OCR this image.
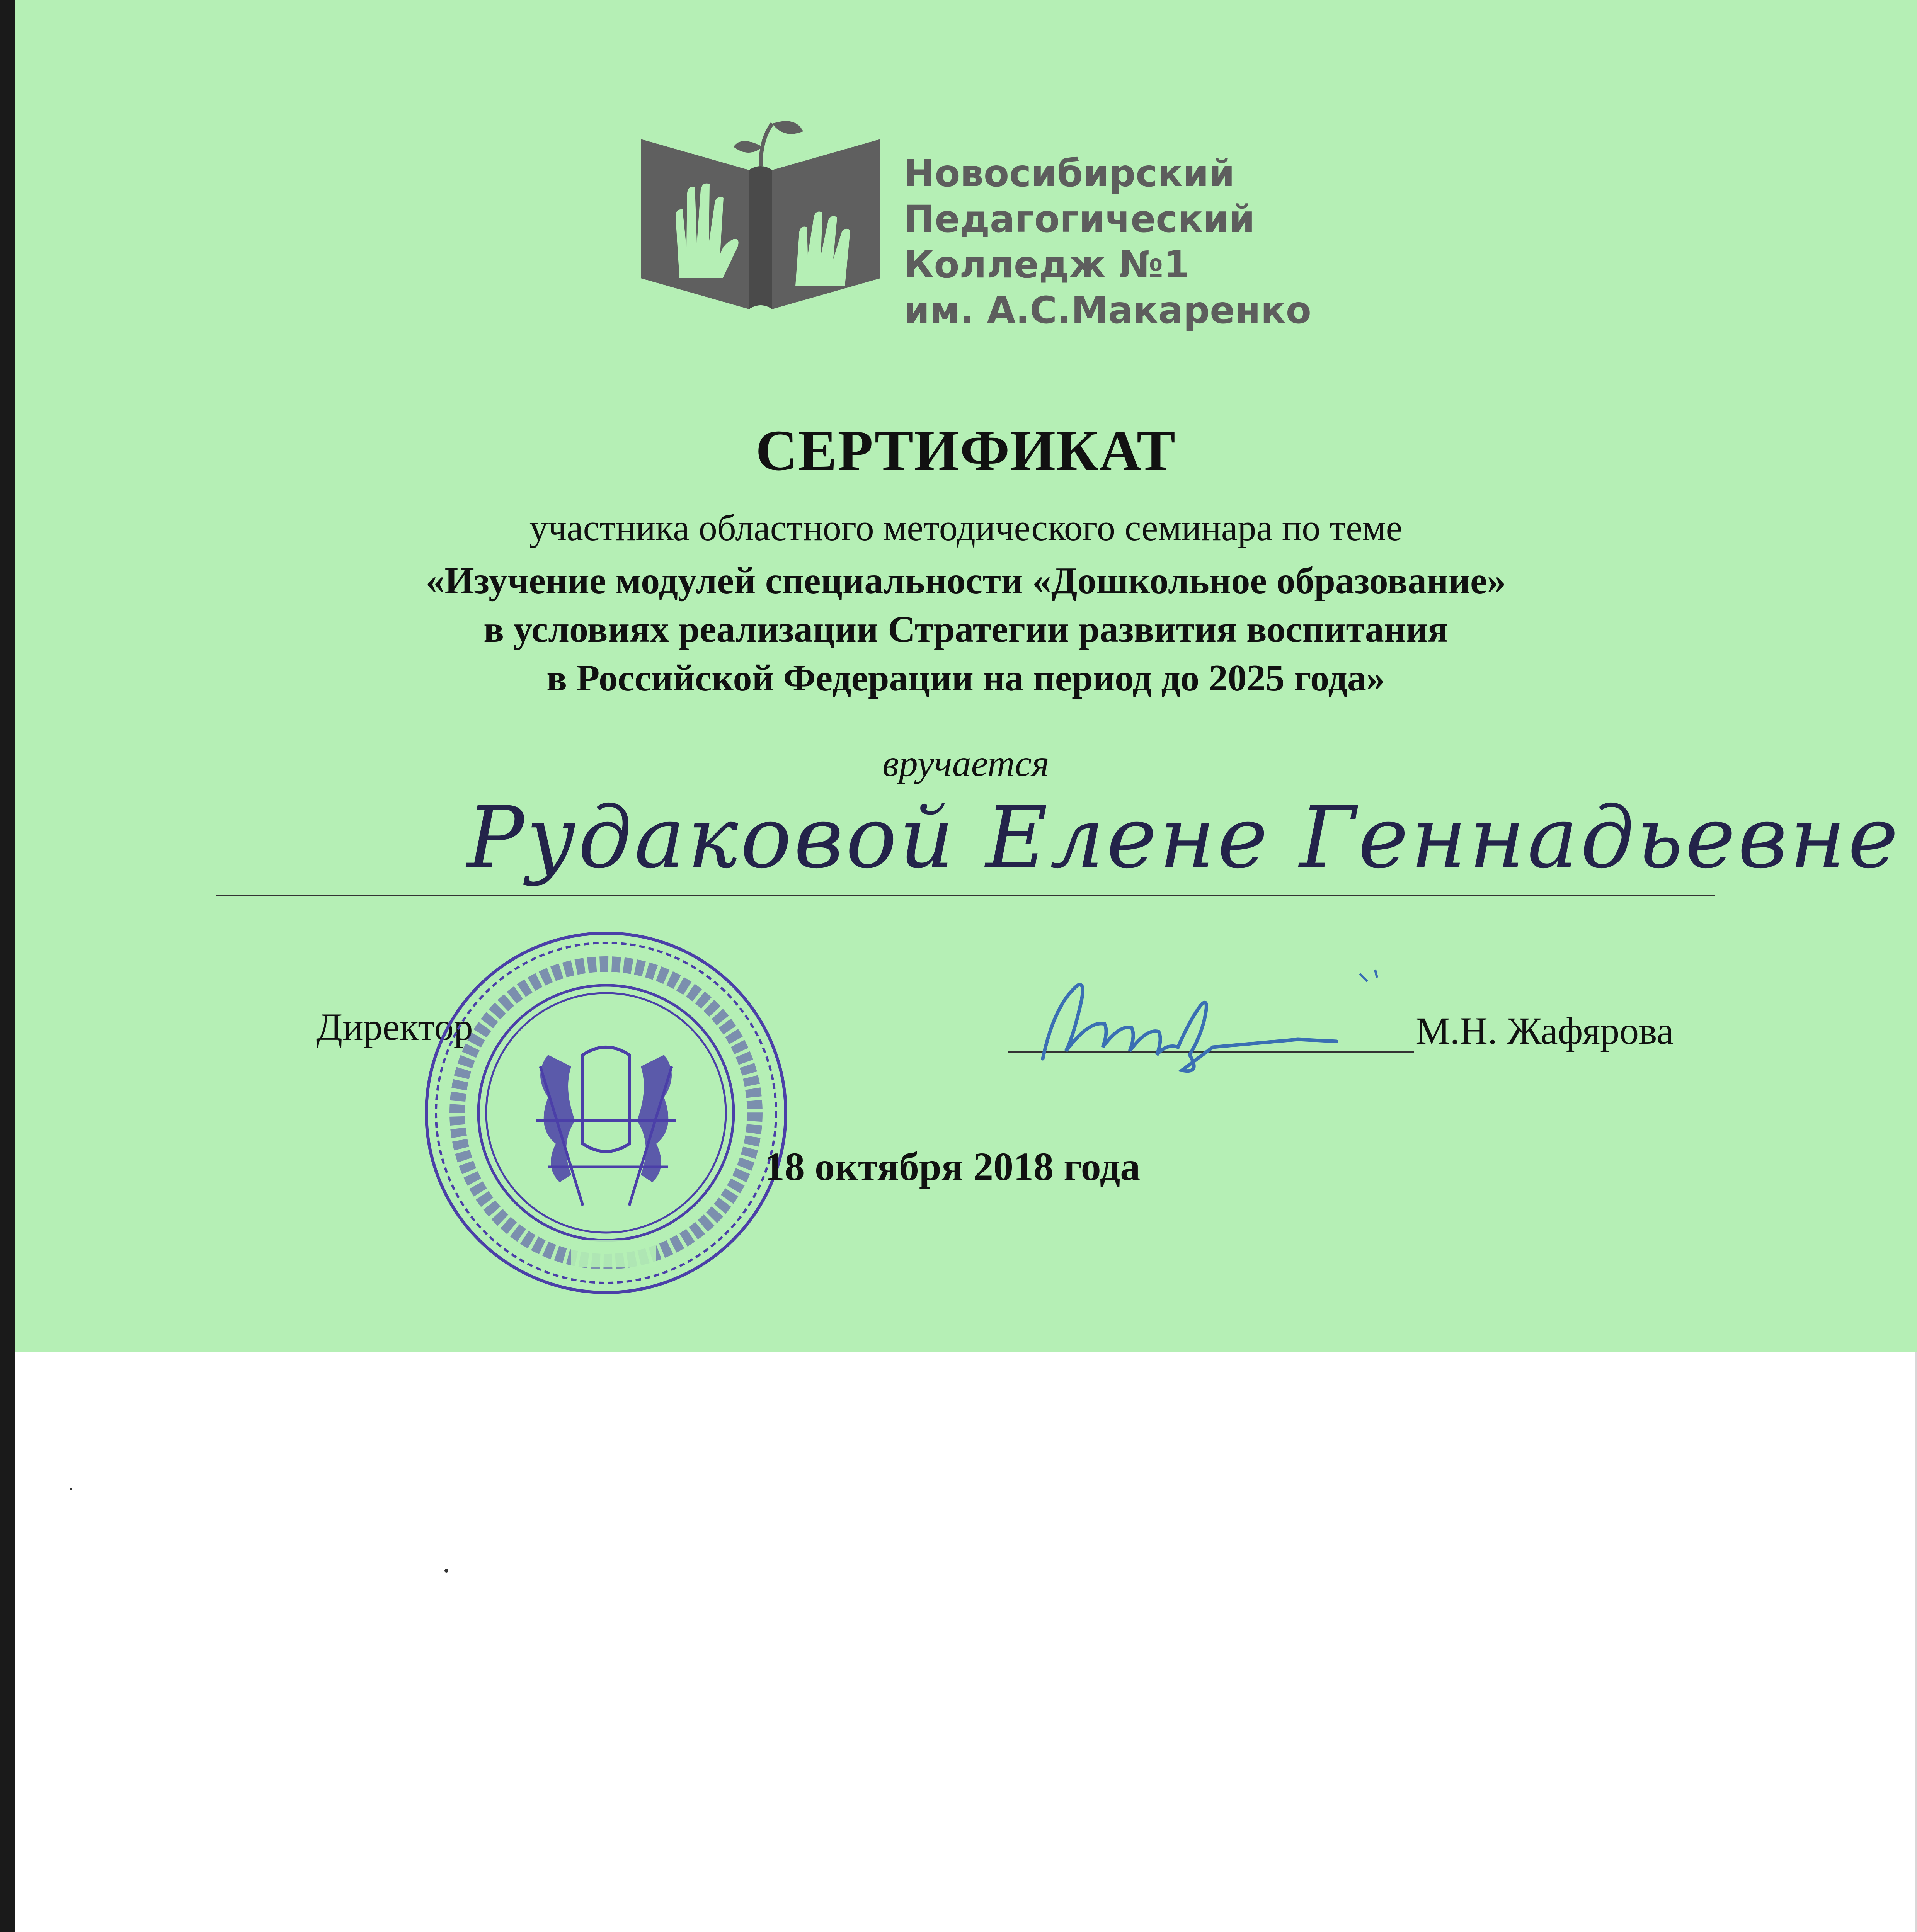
Новосибирский
Педагогический
Колледж №1
им. А.С.Макаренко
СЕРТИФИКАТ
участника областного методического семинара по теме
«Изучение модулей специальности «Дошкольное образование»
в условиях реализации Стратегии развития воспитания
в Российской Федерации на период до 2025 года»
вручается
Рудаковой Елене Геннадьевне
Директор	М.Н. Жафярова
18 октября 2018 года
